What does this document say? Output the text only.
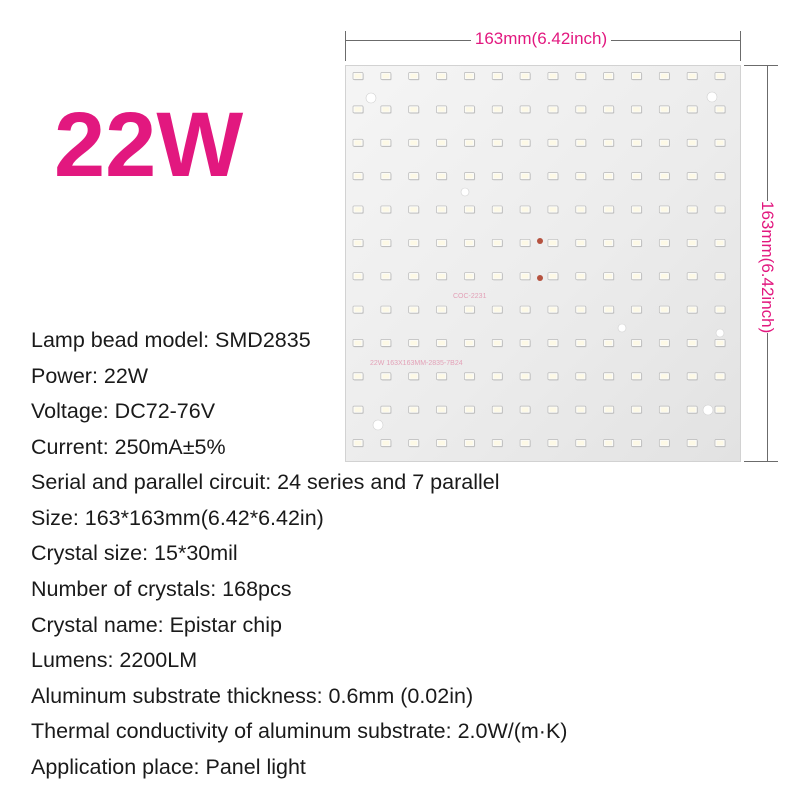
22W
163mm(6.42inch)
163mm(6.42inch)
COC-2231
22W 163X163MM-2835-7B24
Lamp bead model: SMD2835
Power: 22W
Voltage: DC72-76V
Current: 250mA±5%
Serial and parallel circuit: 24 series and 7 parallel
Size: 163*163mm(6.42*6.42in)
Crystal size: 15*30mil
Number of crystals: 168pcs
Crystal name: Epistar chip
Lumens: 2200LM
Aluminum substrate thickness: 0.6mm (0.02in)
Thermal conductivity of aluminum substrate: 2.0W/(m·K)
Application place: Panel light
